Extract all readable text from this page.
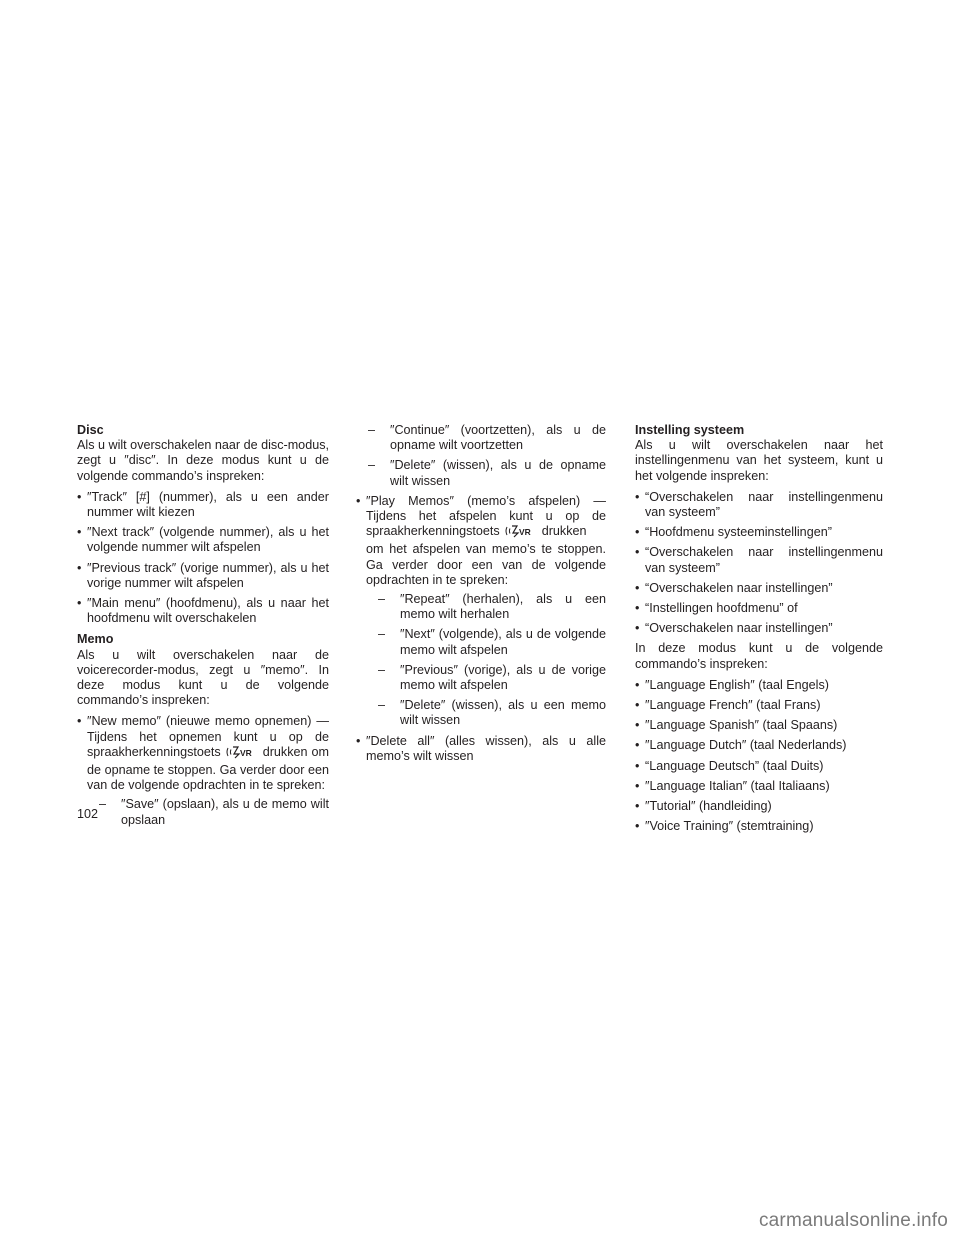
Disc

Als u wilt overschakelen naar de disc-modus, zegt u ″disc″. In deze modus kunt u de volgende commando’s inspreken:

• ″Track″ [#] (nummer), als u een ander nummer wilt kiezen
• ″Next track″ (volgende nummer), als u het volgende nummer wilt afspelen
• ″Previous track″ (vorige nummer), als u het vorige nummer wilt afspelen
• ″Main menu″ (hoofdmenu), als u naar het hoofdmenu wilt overschakelen
Memo

Als u wilt overschakelen naar de voicerecorder-modus, zegt u ″memo″. In deze modus kunt u de volgende commando’s inspreken:

• ″New memo″ (nieuwe memo opnemen) — Tijdens het opnemen kunt u op de spraakherkenningstoets VR drukken om de opname te stoppen. Ga verder door een van de volgende opdrachten in te spreken:
– ″Save″ (opslaan), als u de memo wilt opslaan
– ″Continue″ (voortzetten), als u de opname wilt voortzetten
– ″Delete″ (wissen), als u de opname wilt wissen
• ″Play Memos″ (memo’s afspelen) — Tijdens het afspelen kunt u op de spraakherkenningstoets VR drukken om het afspelen van memo’s te stoppen. Ga verder door een van de volgende opdrachten in te spreken:
– ″Repeat″ (herhalen), als u een memo wilt herhalen
– ″Next″ (volgende), als u de volgende memo wilt afspelen
– ″Previous″ (vorige), als u de vorige memo wilt afspelen
– ″Delete″ (wissen), als u een memo wilt wissen
• ″Delete all″ (alles wissen), als u alle memo’s wilt wissen
Instelling systeem

Als u wilt overschakelen naar het instellingenmenu van het systeem, kunt u het volgende inspreken:

• “Overschakelen naar instellingenmenu van systeem”
• “Hoofdmenu systeeminstellingen”
• “Overschakelen naar instellingenmenu van systeem”
• “Overschakelen naar instellingen”
• “Instellingen hoofdmenu” of
• “Overschakelen naar instellingen”

In deze modus kunt u de volgende commando’s inspreken:

• ″Language English″ (taal Engels)
• ″Language French″ (taal Frans)
• ″Language Spanish″ (taal Spaans)
• ″Language Dutch″ (taal Nederlands)
• “Language Deutsch” (taal Duits)
• ″Language Italian″ (taal Italiaans)
• ″Tutorial″ (handleiding)
• ″Voice Training″ (stemtraining)
102
carmanualsonline.info
